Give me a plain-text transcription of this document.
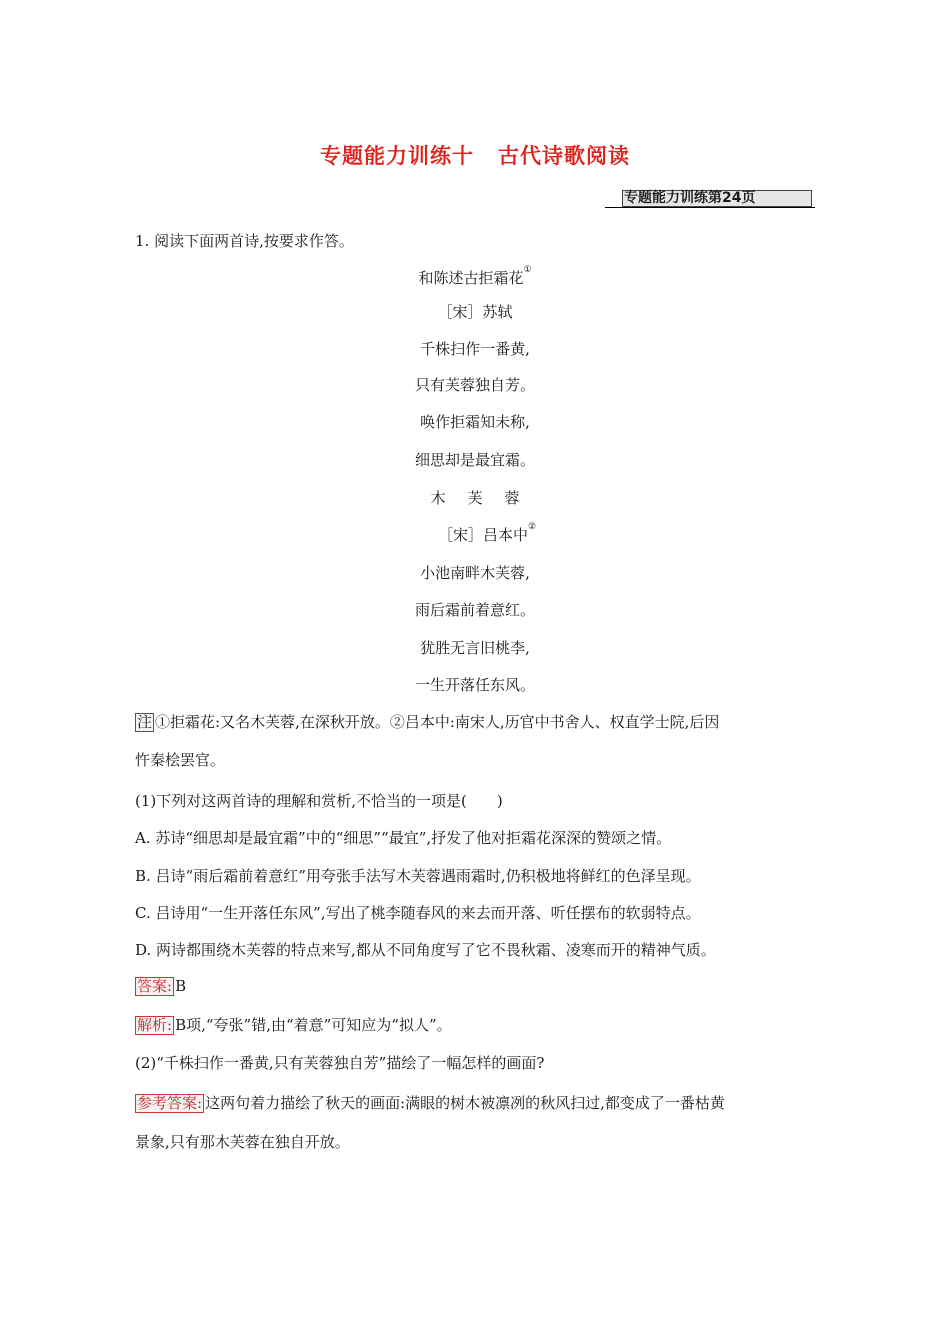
专题能力训练十 古代诗歌阅读
专题能力训练第24页
1. 阅读下面两首诗,按要求作答。
和陈述古拒霜花①
［宋］苏轼
千株扫作一番黄,
只有芙蓉独自芳。
唤作拒霜知未称,
细思却是最宜霜。
木芙蓉
［宋］吕本中②
小池南畔木芙蓉,
雨后霜前着意红。
犹胜无言旧桃李,
一生开落任东风。
注 ①拒霜花:又名木芙蓉,在深秋开放。②吕本中:南宋人,历官中书舍人、权直学士院,后因
忤秦桧罢官。
(1)下列对这两首诗的理解和赏析,不恰当的一项是(　　)
A. 苏诗“细思却是最宜霜”中的“细思”“最宜”,抒发了他对拒霜花深深的赞颂之情。
B. 吕诗“雨后霜前着意红”用夸张手法写木芙蓉遇雨霜时,仍积极地将鲜红的色泽呈现。
C. 吕诗用“一生开落任东风”,写出了桃李随春风的来去而开落、听任摆布的软弱特点。
D. 两诗都围绕木芙蓉的特点来写,都从不同角度写了它不畏秋霜、凌寒而开的精神气质。
答案: B
解析: B项,“夸张”错,由“着意”可知应为“拟人”。
(2)“千株扫作一番黄,只有芙蓉独自芳”描绘了一幅怎样的画面?
参考答案: 这两句着力描绘了秋天的画面:满眼的树木被凛冽的秋风扫过,都变成了一番枯黄
景象,只有那木芙蓉在独自开放。
